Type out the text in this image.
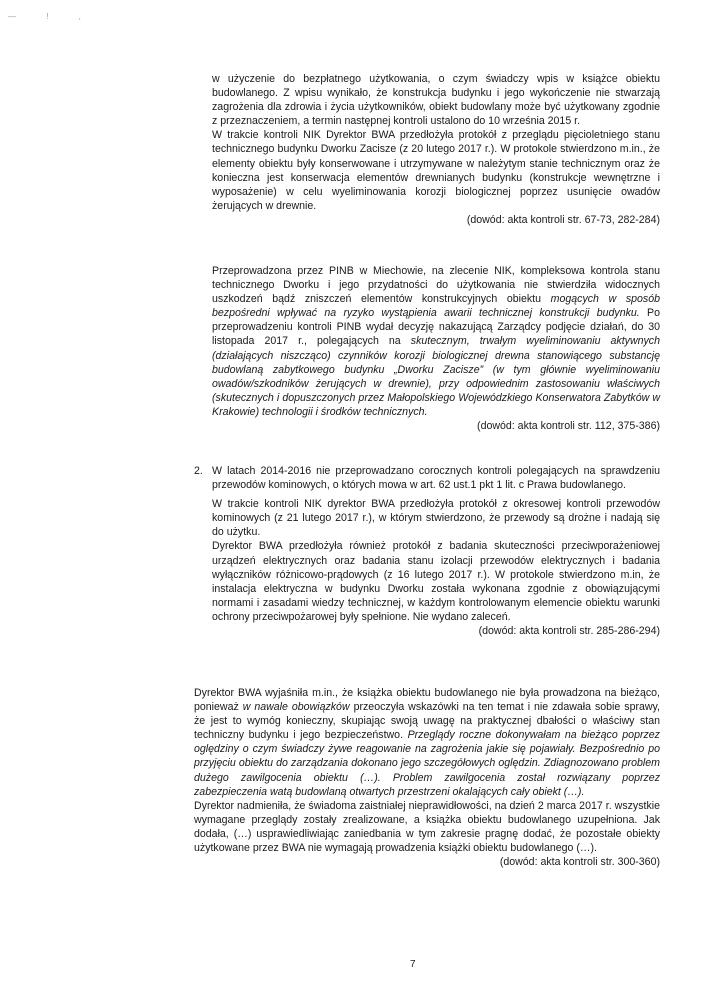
— ! ,

w użyczenie do bezpłatnego użytkowania, o czym świadczy wpis w książce obiektu budowlanego. Z wpisu wynikało, że konstrukcja budynku i jego wykończenie nie stwarzają zagrożenia dla zdrowia i życia użytkowników, obiekt budowlany może być użytkowany zgodnie z przeznaczeniem, a termin następnej kontroli ustalono do 10 września 2015 r.

W trakcie kontroli NIK Dyrektor BWA przedłożyła protokół z przeglądu pięcioletniego stanu technicznego budynku Dworku Zacisze (z 20 lutego 2017 r.). W protokole stwierdzono m.in., że elementy obiektu były konserwowane i utrzymywane w należytym stanie technicznym oraz że konieczna jest konserwacja elementów drewnianych budynku (konstrukcje wewnętrzne i wyposażenie) w celu wyeliminowania korozji biologicznej poprzez usunięcie owadów żerujących w drewnie.

(dowód: akta kontroli str. 67-73, 282-284)

Przeprowadzona przez PINB w Miechowie, na zlecenie NIK, kompleksowa kontrola stanu technicznego Dworku i jego przydatności do użytkowania nie stwierdziła widocznych uszkodzeń bądź zniszczeń elementów konstrukcyjnych obiektu mogących w sposób bezpośredni wpływać na ryzyko wystąpienia awarii technicznej konstrukcji budynku. Po przeprowadzeniu kontroli PINB wydał decyzję nakazującą Zarządcy podjęcie działań, do 30 listopada 2017 r., polegających na skutecznym, trwałym wyeliminowaniu aktywnych (działających niszcząco) czynników korozji biologicznej drewna stanowiącego substancję budowlaną zabytkowego budynku „Dworku Zacisze” (w tym głównie wyeliminowaniu owadów/szkodników żerujących w drewnie), przy odpowiednim zastosowaniu właściwych (skutecznych i dopuszczonych przez Małopolskiego Wojewódzkiego Konserwatora Zabytków w Krakowie) technologii i środków technicznych.

(dowód: akta kontroli str. 112, 375-386)

2. W latach 2014-2016 nie przeprowadzano corocznych kontroli polegających na sprawdzeniu przewodów kominowych, o których mowa w art. 62 ust.1 pkt 1 lit. c Prawa budowlanego.

W trakcie kontroli NIK dyrektor BWA przedłożyła protokół z okresowej kontroli przewodów kominowych (z 21 lutego 2017 r.), w którym stwierdzono, że przewody są drożne i nadają się do użytku.

Dyrektor BWA przedłożyła również protokół z badania skuteczności przeciwporażeniowej urządzeń elektrycznych oraz badania stanu izolacji przewodów elektrycznych i badania wyłączników różnicowo-prądowych (z 16 lutego 2017 r.). W protokole stwierdzono m.in, że instalacja elektryczna w budynku Dworku została wykonana zgodnie z obowiązującymi normami i zasadami wiedzy technicznej, w każdym kontrolowanym elemencie obiektu warunki ochrony przeciwpożarowej były spełnione. Nie wydano zaleceń.

(dowód: akta kontroli str. 285-286-294)

Dyrektor BWA wyjaśniła m.in., że książka obiektu budowlanego nie była prowadzona na bieżąco, ponieważ w nawale obowiązków przeoczyła wskazówki na ten temat i nie zdawała sobie sprawy, że jest to wymóg konieczny, skupiając swoją uwagę na praktycznej dbałości o właściwy stan techniczny budynku i jego bezpieczeństwo. Przeglądy roczne dokonywałam na bieżąco poprzez oględziny o czym świadczy żywe reagowanie na zagrożenia jakie się pojawiały. Bezpośrednio po przyjęciu obiektu do zarządzania dokonano jego szczegółowych oględzin. Zdiagnozowano problem dużego zawilgocenia obiektu (…). Problem zawilgocenia został rozwiązany poprzez zabezpieczenia watą budowlaną otwartych przestrzeni okalających cały obiekt (…).

Dyrektor nadmieniła, że świadoma zaistniałej nieprawidłowości, na dzień 2 marca 2017 r. wszystkie wymagane przeglądy zostały zrealizowane, a książka obiektu budowlanego uzupełniona. Jak dodała, (…) usprawiedliwiając zaniedbania w tym zakresie pragnę dodać, że pozostałe obiekty użytkowane przez BWA nie wymagają prowadzenia książki obiektu budowlanego (…).

(dowód: akta kontroli str. 300-360)

7
